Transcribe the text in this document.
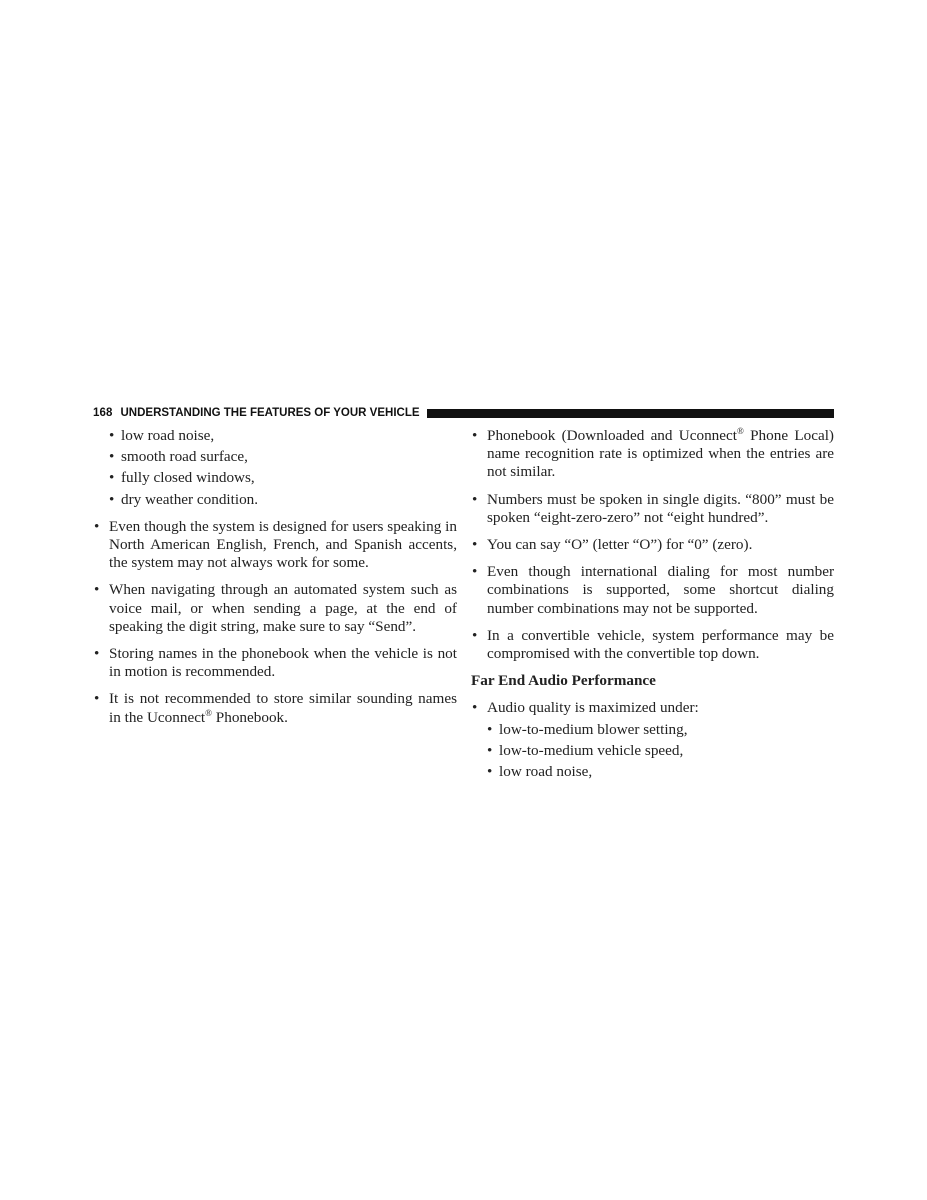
168 UNDERSTANDING THE FEATURES OF YOUR VEHICLE
• low road noise,
• smooth road surface,
• fully closed windows,
• dry weather condition.
• Even though the system is designed for users speaking in North American English, French, and Spanish accents, the system may not always work for some.
• When navigating through an automated system such as voice mail, or when sending a page, at the end of speaking the digit string, make sure to say “Send”.
• Storing names in the phonebook when the vehicle is not in motion is recommended.
• It is not recommended to store similar sounding names in the Uconnect® Phonebook.
• Phonebook (Downloaded and Uconnect® Phone Local) name recognition rate is optimized when the entries are not similar.
• Numbers must be spoken in single digits. “800” must be spoken “eight-zero-zero” not “eight hundred”.
• You can say “O” (letter “O”) for “0” (zero).
• Even though international dialing for most number combinations is supported, some shortcut dialing number combinations may not be supported.
• In a convertible vehicle, system performance may be compromised with the convertible top down.
Far End Audio Performance
• Audio quality is maximized under:
• low-to-medium blower setting,
• low-to-medium vehicle speed,
• low road noise,
